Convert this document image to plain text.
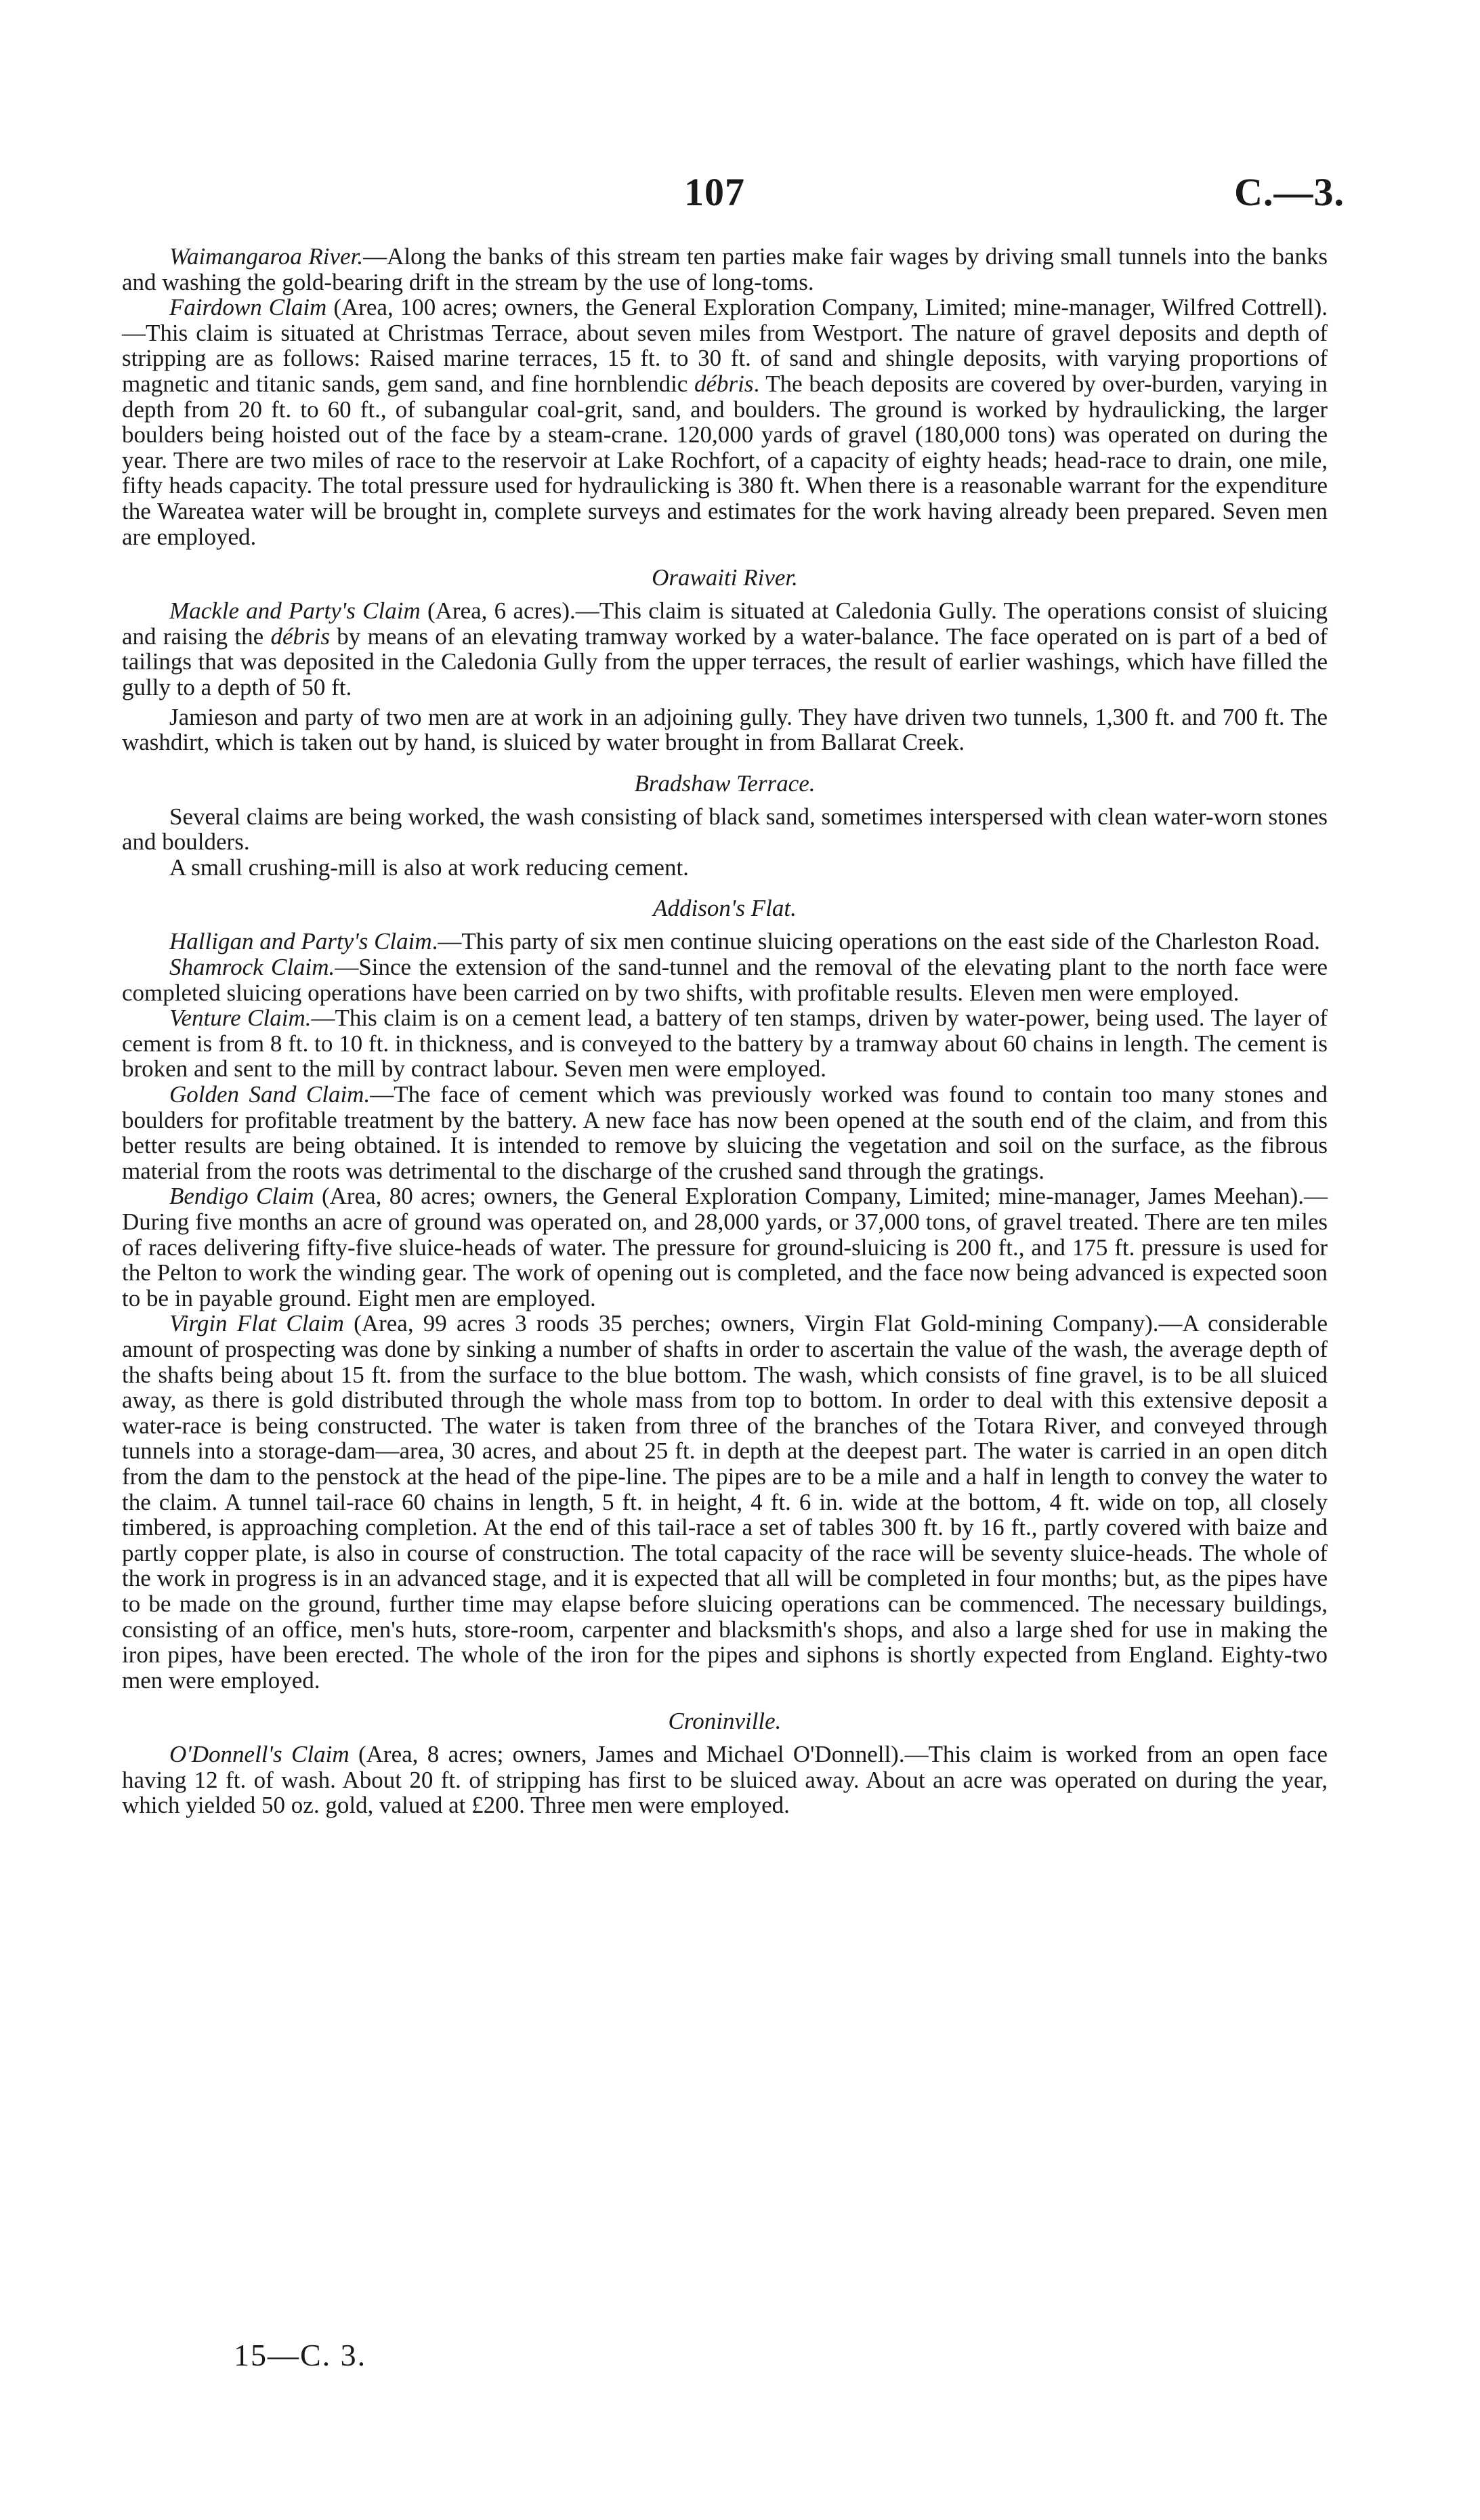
107	C.—3.

Waimangaroa River.—Along the banks of this stream ten parties make fair wages by driving small tunnels into the banks and washing the gold-bearing drift in the stream by the use of long-toms.

Fairdown Claim (Area, 100 acres; owners, the General Exploration Company, Limited; mine-manager, Wilfred Cottrell).—This claim is situated at Christmas Terrace, about seven miles from Westport. The nature of gravel deposits and depth of stripping are as follows: Raised marine terraces, 15 ft. to 30 ft. of sand and shingle deposits, with varying proportions of magnetic and titanic sands, gem sand, and fine hornblendic débris. The beach deposits are covered by over-burden, varying in depth from 20 ft. to 60 ft., of subangular coal-grit, sand, and boulders. The ground is worked by hydraulicking, the larger boulders being hoisted out of the face by a steam-crane. 120,000 yards of gravel (180,000 tons) was operated on during the year. There are two miles of race to the reservoir at Lake Rochfort, of a capacity of eighty heads; head-race to drain, one mile, fifty heads capacity. The total pressure used for hydraulicking is 380 ft. When there is a reasonable warrant for the expenditure the Wareatea water will be brought in, complete surveys and estimates for the work having already been prepared. Seven men are employed.

Orawaiti River.

Mackle and Party's Claim (Area, 6 acres).—This claim is situated at Caledonia Gully. The operations consist of sluicing and raising the débris by means of an elevating tramway worked by a water-balance. The face operated on is part of a bed of tailings that was deposited in the Caledonia Gully from the upper terraces, the result of earlier washings, which have filled the gully to a depth of 50 ft.

Jamieson and party of two men are at work in an adjoining gully. They have driven two tunnels, 1,300 ft. and 700 ft. The washdirt, which is taken out by hand, is sluiced by water brought in from Ballarat Creek.

Bradshaw Terrace.

Several claims are being worked, the wash consisting of black sand, sometimes interspersed with clean water-worn stones and boulders.

A small crushing-mill is also at work reducing cement.

Addison's Flat.

Halligan and Party's Claim.—This party of six men continue sluicing operations on the east side of the Charleston Road.

Shamrock Claim.—Since the extension of the sand-tunnel and the removal of the elevating plant to the north face were completed sluicing operations have been carried on by two shifts, with profitable results. Eleven men were employed.

Venture Claim.—This claim is on a cement lead, a battery of ten stamps, driven by water-power, being used. The layer of cement is from 8 ft. to 10 ft. in thickness, and is conveyed to the battery by a tramway about 60 chains in length. The cement is broken and sent to the mill by contract labour. Seven men were employed.

Golden Sand Claim.—The face of cement which was previously worked was found to contain too many stones and boulders for profitable treatment by the battery. A new face has now been opened at the south end of the claim, and from this better results are being obtained. It is intended to remove by sluicing the vegetation and soil on the surface, as the fibrous material from the roots was detrimental to the discharge of the crushed sand through the gratings.

Bendigo Claim (Area, 80 acres; owners, the General Exploration Company, Limited; mine-manager, James Meehan).—During five months an acre of ground was operated on, and 28,000 yards, or 37,000 tons, of gravel treated. There are ten miles of races delivering fifty-five sluice-heads of water. The pressure for ground-sluicing is 200 ft., and 175 ft. pressure is used for the Pelton to work the winding gear. The work of opening out is completed, and the face now being advanced is expected soon to be in payable ground. Eight men are employed.

Virgin Flat Claim (Area, 99 acres 3 roods 35 perches; owners, Virgin Flat Gold-mining Company).—A considerable amount of prospecting was done by sinking a number of shafts in order to ascertain the value of the wash, the average depth of the shafts being about 15 ft. from the surface to the blue bottom. The wash, which consists of fine gravel, is to be all sluiced away, as there is gold distributed through the whole mass from top to bottom. In order to deal with this extensive deposit a water-race is being constructed. The water is taken from three of the branches of the Totara River, and conveyed through tunnels into a storage-dam—area, 30 acres, and about 25 ft. in depth at the deepest part. The water is carried in an open ditch from the dam to the penstock at the head of the pipe-line. The pipes are to be a mile and a half in length to convey the water to the claim. A tunnel tail-race 60 chains in length, 5 ft. in height, 4 ft. 6 in. wide at the bottom, 4 ft. wide on top, all closely timbered, is approaching completion. At the end of this tail-race a set of tables 300 ft. by 16 ft., partly covered with baize and partly copper plate, is also in course of construction. The total capacity of the race will be seventy sluice-heads. The whole of the work in progress is in an advanced stage, and it is expected that all will be completed in four months; but, as the pipes have to be made on the ground, further time may elapse before sluicing operations can be commenced. The necessary buildings, consisting of an office, men's huts, store-room, carpenter and blacksmith's shops, and also a large shed for use in making the iron pipes, have been erected. The whole of the iron for the pipes and siphons is shortly expected from England. Eighty-two men were employed.

Croninville.

O'Donnell's Claim (Area, 8 acres; owners, James and Michael O'Donnell).—This claim is worked from an open face having 12 ft. of wash. About 20 ft. of stripping has first to be sluiced away. About an acre was operated on during the year, which yielded 50 oz. gold, valued at £200. Three men were employed.

15—C. 3.
